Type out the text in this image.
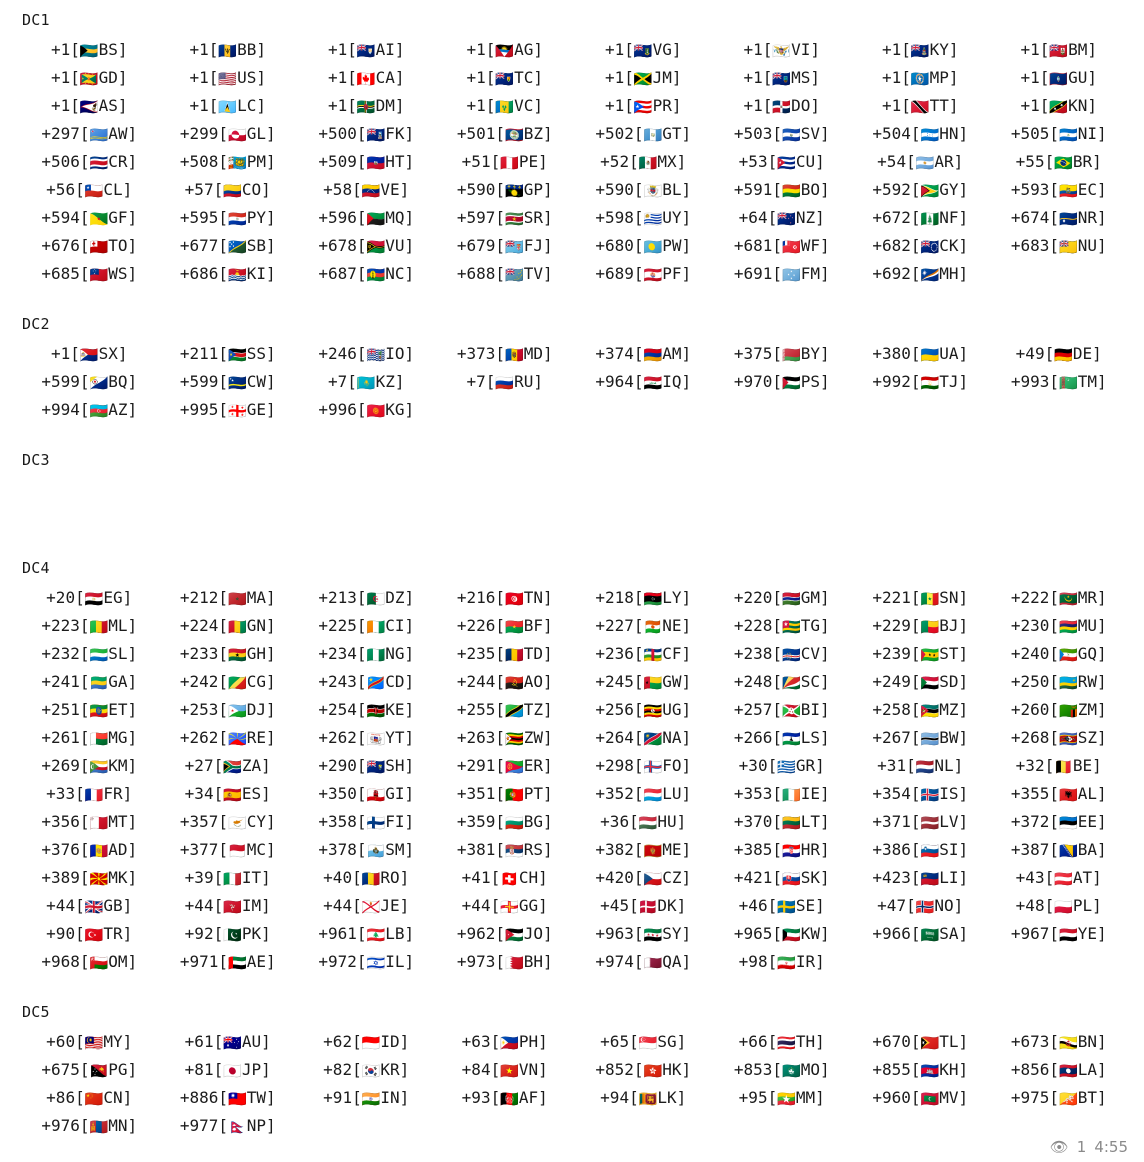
DC1
+1 [ 🇧🇸 BS ]	+1 [ 🇧🇧 BB ]	+1 [ 🇦🇮 AI ]	+1 [ 🇦🇬 AG ]	+1 [ 🇻🇬 VG ]	+1 [ 🇻🇮 VI ]	+1 [ 🇰🇾 KY ]	+1 [ 🇧🇲 BM ]
+1 [ 🇬🇩 GD ]	+1 [ 🇺🇸 US ]	+1 [ 🇨🇦 CA ]	+1 [ 🇹🇨 TC ]	+1 [ 🇯🇲 JM ]	+1 [ 🇲🇸 MS ]	+1 [ 🇲🇵 MP ]	+1 [ 🇬🇺 GU ]
+1 [ 🇦🇸 AS ]	+1 [ 🇱🇨 LC ]	+1 [ 🇩🇲 DM ]	+1 [ 🇻🇨 VC ]	+1 [ 🇵🇷 PR ]	+1 [ 🇩🇴 DO ]	+1 [ 🇹🇹 TT ]	+1 [ 🇰🇳 KN ]
+297 [ 🇦🇼 AW ]	+299 [ 🇬🇱 GL ]	+500 [ 🇫🇰 FK ]	+501 [ 🇧🇿 BZ ]	+502 [ 🇬🇹 GT ]	+503 [ 🇸🇻 SV ]	+504 [ 🇭🇳 HN ]	+505 [ 🇳🇮 NI ]
+506 [ 🇨🇷 CR ]	+508 [ 🇵🇲 PM ]	+509 [ 🇭🇹 HT ]	+51 [ 🇵🇪 PE ]	+52 [ 🇲🇽 MX ]	+53 [ 🇨🇺 CU ]	+54 [ 🇦🇷 AR ]	+55 [ 🇧🇷 BR ]
+56 [ 🇨🇱 CL ]	+57 [ 🇨🇴 CO ]	+58 [ 🇻🇪 VE ]	+590 [ 🇬🇵 GP ]	+590 [ 🇧🇱 BL ]	+591 [ 🇧🇴 BO ]	+592 [ 🇬🇾 GY ]	+593 [ 🇪🇨 EC ]
+594 [ 🇬🇫 GF ]	+595 [ 🇵🇾 PY ]	+596 [ 🇲🇶 MQ ]	+597 [ 🇸🇷 SR ]	+598 [ 🇺🇾 UY ]	+64 [ 🇳🇿 NZ ]	+672 [ 🇳🇫 NF ]	+674 [ 🇳🇷 NR ]
+676 [ 🇹🇴 TO ]	+677 [ 🇸🇧 SB ]	+678 [ 🇻🇺 VU ]	+679 [ 🇫🇯 FJ ]	+680 [ 🇵🇼 PW ]	+681 [ 🇼🇫 WF ]	+682 [ 🇨🇰 CK ]	+683 [ 🇳🇺 NU ]
+685 [ 🇼🇸 WS ]	+686 [ 🇰🇮 KI ]	+687 [ 🇳🇨 NC ]	+688 [ 🇹🇻 TV ]	+689 [ 🇵🇫 PF ]	+691 [ 🇫🇲 FM ]	+692 [ 🇲🇭 MH ]
DC2
+1 [ 🇸🇽 SX ]	+211 [ 🇸🇸 SS ]	+246 [ 🇮🇴 IO ]	+373 [ 🇲🇩 MD ]	+374 [ 🇦🇲 AM ]	+375 [ 🇧🇾 BY ]	+380 [ 🇺🇦 UA ]	+49 [ 🇩🇪 DE ]
+599 [ 🇧🇶 BQ ]	+599 [ 🇨🇼 CW ]	+7 [ 🇰🇿 KZ ]	+7 [ 🇷🇺 RU ]	+964 [ 🇮🇶 IQ ]	+970 [ 🇵🇸 PS ]	+992 [ 🇹🇯 TJ ]	+993 [ 🇹🇲 TM ]
+994 [ 🇦🇿 AZ ]	+995 [ 🇬🇪 GE ]	+996 [ 🇰🇬 KG ]
DC3
DC4
+20 [ 🇪🇬 EG ]	+212 [ 🇲🇦 MA ]	+213 [ 🇩🇿 DZ ]	+216 [ 🇹🇳 TN ]	+218 [ 🇱🇾 LY ]	+220 [ 🇬🇲 GM ]	+221 [ 🇸🇳 SN ]	+222 [ 🇲🇷 MR ]
+223 [ 🇲🇱 ML ]	+224 [ 🇬🇳 GN ]	+225 [ 🇨🇮 CI ]	+226 [ 🇧🇫 BF ]	+227 [ 🇳🇪 NE ]	+228 [ 🇹🇬 TG ]	+229 [ 🇧🇯 BJ ]	+230 [ 🇲🇺 MU ]
+232 [ 🇸🇱 SL ]	+233 [ 🇬🇭 GH ]	+234 [ 🇳🇬 NG ]	+235 [ 🇹🇩 TD ]	+236 [ 🇨🇫 CF ]	+238 [ 🇨🇻 CV ]	+239 [ 🇸🇹 ST ]	+240 [ 🇬🇶 GQ ]
+241 [ 🇬🇦 GA ]	+242 [ 🇨🇬 CG ]	+243 [ 🇨🇩 CD ]	+244 [ 🇦🇴 AO ]	+245 [ 🇬🇼 GW ]	+248 [ 🇸🇨 SC ]	+249 [ 🇸🇩 SD ]	+250 [ 🇷🇼 RW ]
+251 [ 🇪🇹 ET ]	+253 [ 🇩🇯 DJ ]	+254 [ 🇰🇪 KE ]	+255 [ 🇹🇿 TZ ]	+256 [ 🇺🇬 UG ]	+257 [ 🇧🇮 BI ]	+258 [ 🇲🇿 MZ ]	+260 [ 🇿🇲 ZM ]
+261 [ 🇲🇬 MG ]	+262 [ 🇷🇪 RE ]	+262 [ 🇾🇹 YT ]	+263 [ 🇿🇼 ZW ]	+264 [ 🇳🇦 NA ]	+266 [ 🇱🇸 LS ]	+267 [ 🇧🇼 BW ]	+268 [ 🇸🇿 SZ ]
+269 [ 🇰🇲 KM ]	+27 [ 🇿🇦 ZA ]	+290 [ 🇸🇭 SH ]	+291 [ 🇪🇷 ER ]	+298 [ 🇫🇴 FO ]	+30 [ 🇬🇷 GR ]	+31 [ 🇳🇱 NL ]	+32 [ 🇧🇪 BE ]
+33 [ 🇫🇷 FR ]	+34 [ 🇪🇸 ES ]	+350 [ 🇬🇮 GI ]	+351 [ 🇵🇹 PT ]	+352 [ 🇱🇺 LU ]	+353 [ 🇮🇪 IE ]	+354 [ 🇮🇸 IS ]	+355 [ 🇦🇱 AL ]
+356 [ 🇲🇹 MT ]	+357 [ 🇨🇾 CY ]	+358 [ 🇫🇮 FI ]	+359 [ 🇧🇬 BG ]	+36 [ 🇭🇺 HU ]	+370 [ 🇱🇹 LT ]	+371 [ 🇱🇻 LV ]	+372 [ 🇪🇪 EE ]
+376 [ 🇦🇩 AD ]	+377 [ 🇲🇨 MC ]	+378 [ 🇸🇲 SM ]	+381 [ 🇷🇸 RS ]	+382 [ 🇲🇪 ME ]	+385 [ 🇭🇷 HR ]	+386 [ 🇸🇮 SI ]	+387 [ 🇧🇦 BA ]
+389 [ 🇲🇰 MK ]	+39 [ 🇮🇹 IT ]	+40 [ 🇷🇴 RO ]	+41 [ 🇨🇭 CH ]	+420 [ 🇨🇿 CZ ]	+421 [ 🇸🇰 SK ]	+423 [ 🇱🇮 LI ]	+43 [ 🇦🇹 AT ]
+44 [ 🇬🇧 GB ]	+44 [ 🇮🇲 IM ]	+44 [ 🇯🇪 JE ]	+44 [ 🇬🇬 GG ]	+45 [ 🇩🇰 DK ]	+46 [ 🇸🇪 SE ]	+47 [ 🇳🇴 NO ]	+48 [ 🇵🇱 PL ]
+90 [ 🇹🇷 TR ]	+92 [ 🇵🇰 PK ]	+961 [ 🇱🇧 LB ]	+962 [ 🇯🇴 JO ]	+963 [ 🇸🇾 SY ]	+965 [ 🇰🇼 KW ]	+966 [ 🇸🇦 SA ]	+967 [ 🇾🇪 YE ]
+968 [ 🇴🇲 OM ]	+971 [ 🇦🇪 AE ]	+972 [ 🇮🇱 IL ]	+973 [ 🇧🇭 BH ]	+974 [ 🇶🇦 QA ]	+98 [ 🇮🇷 IR ]
DC5
+60 [ 🇲🇾 MY ]	+61 [ 🇦🇺 AU ]	+62 [ 🇮🇩 ID ]	+63 [ 🇵🇭 PH ]	+65 [ 🇸🇬 SG ]	+66 [ 🇹🇭 TH ]	+670 [ 🇹🇱 TL ]	+673 [ 🇧🇳 BN ]
+675 [ 🇵🇬 PG ]	+81 [ 🇯🇵 JP ]	+82 [ 🇰🇷 KR ]	+84 [ 🇻🇳 VN ]	+852 [ 🇭🇰 HK ]	+853 [ 🇲🇴 MO ]	+855 [ 🇰🇭 KH ]	+856 [ 🇱🇦 LA ]
+86 [ 🇨🇳 CN ]	+886 [ 🇹🇼 TW ]	+91 [ 🇮🇳 IN ]	+93 [ 🇦🇫 AF ]	+94 [ 🇱🇰 LK ]	+95 [ 🇲🇲 MM ]	+960 [ 🇲🇻 MV ]	+975 [ 🇧🇹 BT ]
+976 [ 🇲🇳 MN ]	+977 [ 🇳🇵 NP ]
👁 1 4:55
